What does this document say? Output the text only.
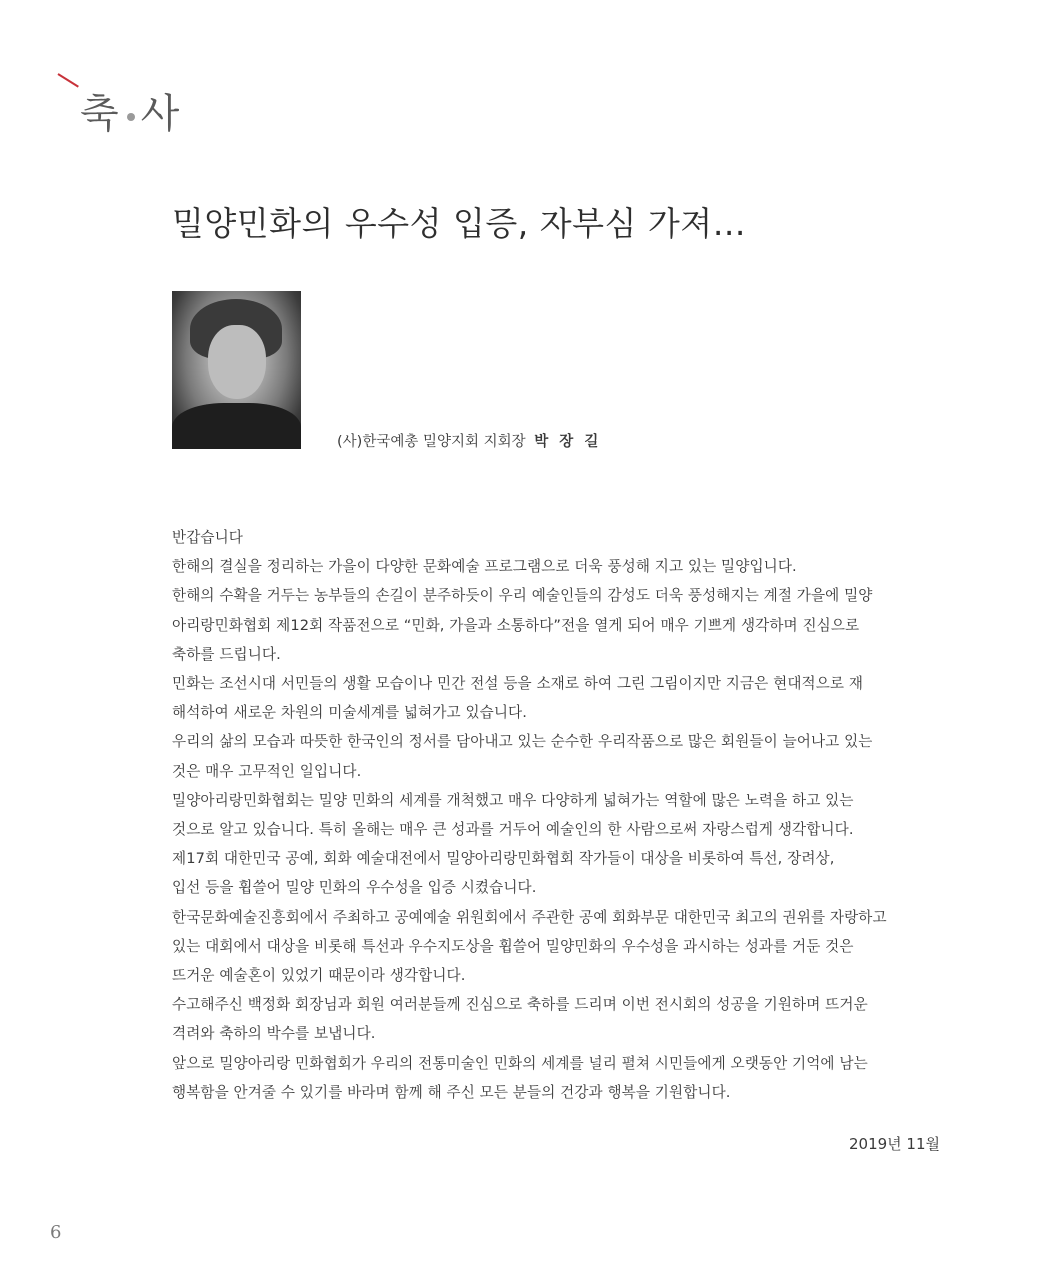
축 사
밀양민화의 우수성 입증, 자부심 가져…
(사)한국예총 밀양지회 지회장 박 장 길

반갑습니다

한해의 결실을 정리하는 가을이 다양한 문화예술 프로그램으로 더욱 풍성해 지고 있는 밀양입니다.

한해의 수확을 거두는 농부들의 손길이 분주하듯이 우리 예술인들의 감성도 더욱 풍성해지는 계절 가을에 밀양

아리랑민화협회 제12회 작품전으로 “민화, 가을과 소통하다”전을 열게 되어 매우 기쁘게 생각하며 진심으로

축하를 드립니다.

민화는 조선시대 서민들의 생활 모습이나 민간 전설 등을 소재로 하여 그린 그림이지만 지금은 현대적으로 재

해석하여 새로운 차원의 미술세계를 넓혀가고 있습니다.

우리의 삶의 모습과 따뜻한 한국인의 정서를 담아내고 있는 순수한 우리작품으로 많은 회원들이 늘어나고 있는

것은 매우 고무적인 일입니다.

밀양아리랑민화협회는 밀양 민화의 세계를 개척했고 매우 다양하게 넓혀가는 역할에 많은 노력을 하고 있는

것으로 알고 있습니다. 특히 올해는 매우 큰 성과를 거두어 예술인의 한 사람으로써 자랑스럽게 생각합니다.

제17회 대한민국 공예, 회화 예술대전에서 밀양아리랑민화협회 작가들이 대상을 비롯하여 특선, 장려상,

입선 등을 휩쓸어 밀양 민화의 우수성을 입증 시켰습니다.

한국문화예술진흥회에서 주최하고 공예예술 위원회에서 주관한 공예 회화부문 대한민국 최고의 권위를 자랑하고

있는 대회에서 대상을 비롯해 특선과 우수지도상을 휩쓸어 밀양민화의 우수성을 과시하는 성과를 거둔 것은

뜨거운 예술혼이 있었기 때문이라 생각합니다.

수고해주신 백정화 회장님과 회원 여러분들께 진심으로 축하를 드리며 이번 전시회의 성공을 기원하며 뜨거운

격려와 축하의 박수를 보냅니다.

앞으로 밀양아리랑 민화협회가 우리의 전통미술인 민화의 세계를 널리 펼쳐 시민들에게 오랫동안 기억에 남는

행복함을 안겨줄 수 있기를 바라며 함께 해 주신 모든 분들의 건강과 행복을 기원합니다.

2019년 11월
6
